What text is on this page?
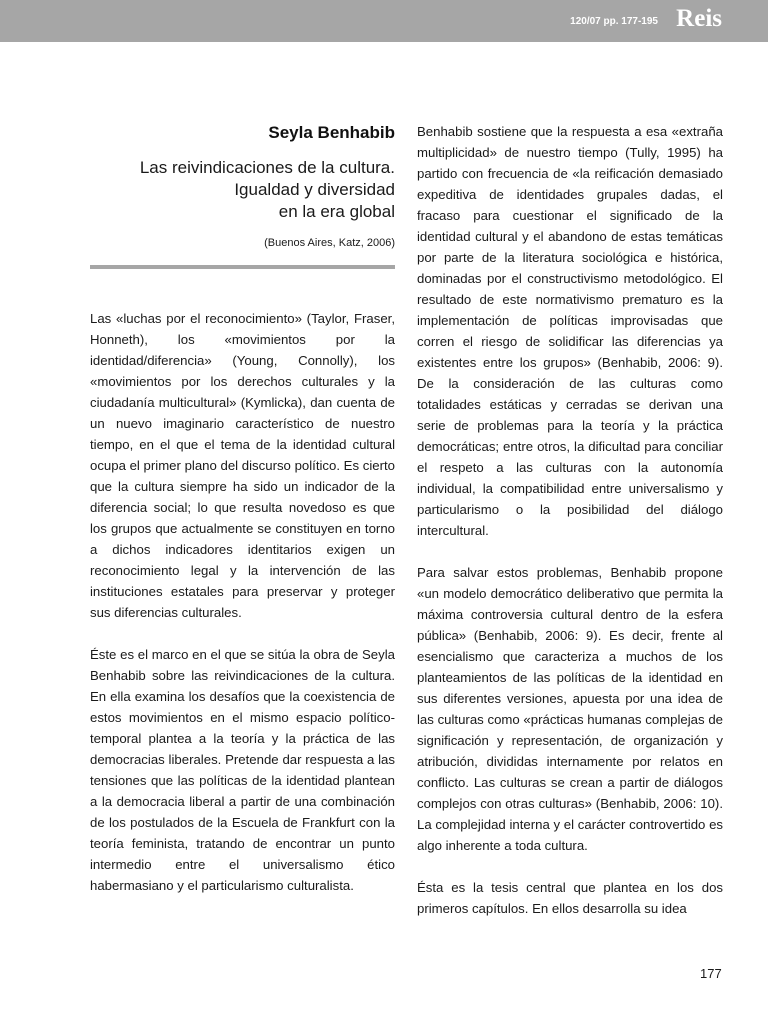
120/07 pp. 177-195 Reis
Seyla Benhabib
Las reivindicaciones de la cultura.
Igualdad y diversidad
en la era global
(Buenos Aires, Katz, 2006)

Las «luchas por el reconocimiento» (Taylor, Fraser, Honneth), los «movimientos por la identidad/diferencia» (Young, Connolly), los «movimientos por los derechos culturales y la ciudadanía multicultural» (Kymlicka), dan cuenta de un nuevo imaginario característico de nuestro tiempo, en el que el tema de la identidad cultural ocupa el primer plano del discurso político. Es cierto que la cultura siempre ha sido un indicador de la diferencia social; lo que resulta novedoso es que los grupos que actualmente se constituyen en torno a dichos indicadores identitarios exigen un reconocimiento legal y la intervención de las instituciones estatales para preservar y proteger sus diferencias culturales.

Éste es el marco en el que se sitúa la obra de Seyla Benhabib sobre las reivindicaciones de la cultura. En ella examina los desafíos que la coexistencia de estos movimientos en el mismo espacio político-temporal plantea a la teoría y la práctica de las democracias liberales. Pretende dar respuesta a las tensiones que las políticas de la identidad plantean a la democracia liberal a partir de una combinación de los postulados de la Escuela de Frankfurt con la teoría feminista, tratando de encontrar un punto intermedio entre el universalismo ético habermasiano y el particularismo culturalista.

Benhabib sostiene que la respuesta a esa «extraña multiplicidad» de nuestro tiempo (Tully, 1995) ha partido con frecuencia de «la reificación demasiado expeditiva de identidades grupales dadas, el fracaso para cuestionar el significado de la identidad cultural y el abandono de estas temáticas por parte de la literatura sociológica e histórica, dominadas por el constructivismo metodológico. El resultado de este normativismo prematuro es la implementación de políticas improvisadas que corren el riesgo de solidificar las diferencias ya existentes entre los grupos» (Benhabib, 2006: 9). De la consideración de las culturas como totalidades estáticas y cerradas se derivan una serie de problemas para la teoría y la práctica democráticas; entre otros, la dificultad para conciliar el respeto a las culturas con la autonomía individual, la compatibilidad entre universalismo y particularismo o la posibilidad del diálogo intercultural.

Para salvar estos problemas, Benhabib propone «un modelo democrático deliberativo que permita la máxima controversia cultural dentro de la esfera pública» (Benhabib, 2006: 9). Es decir, frente al esencialismo que caracteriza a muchos de los planteamientos de las políticas de la identidad en sus diferentes versiones, apuesta por una idea de las culturas como «prácticas humanas complejas de significación y representación, de organización y atribución, divididas internamente por relatos en conflicto. Las culturas se crean a partir de diálogos complejos con otras culturas» (Benhabib, 2006: 10). La complejidad interna y el carácter controvertido es algo inherente a toda cultura.

Ésta es la tesis central que plantea en los dos primeros capítulos. En ellos desarrolla su idea

177
